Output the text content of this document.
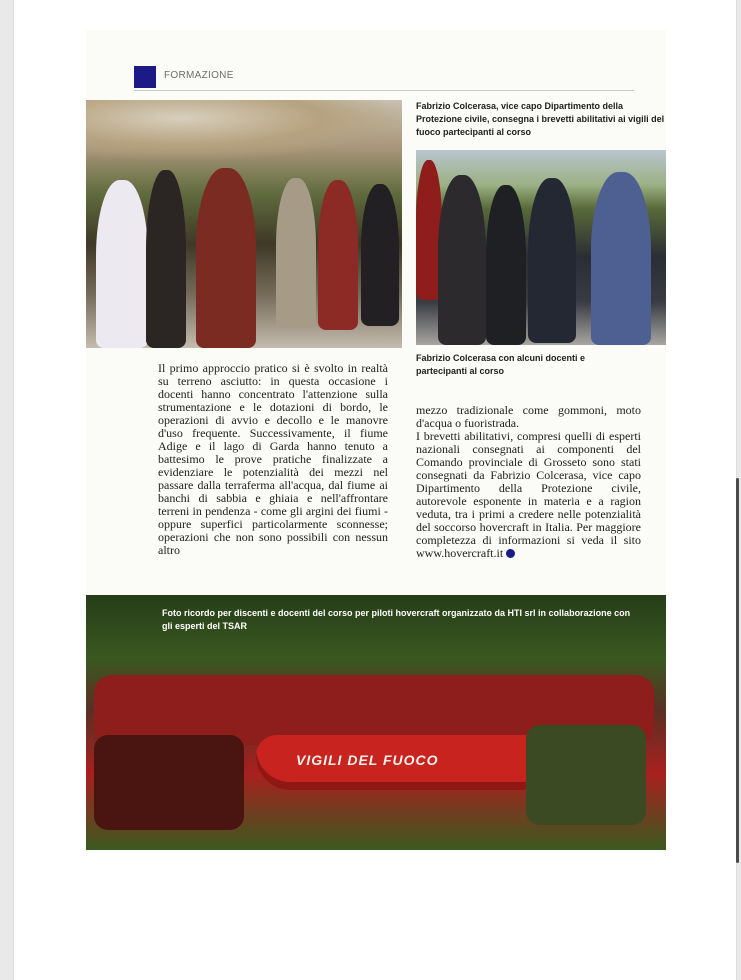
FORMAZIONE
Fabrizio Colcerasa, vice capo Dipartimento della Protezione civile, consegna i brevetti abilitativi ai vigili del fuoco partecipanti al corso
Fabrizio Colcerasa con alcuni docenti e partecipanti al corso

Il primo approccio pratico si è svolto in realtà su terreno asciutto: in questa occasione i docenti hanno concentrato l'attenzione sulla strumentazione e le dotazioni di bordo, le operazioni di avvio e decollo e le manovre d'uso frequente. Successivamente, il fiume Adige e il lago di Garda hanno tenuto a battesimo le prove pratiche finalizzate a evidenziare le potenzialità dei mezzi nel passare dalla terraferma all'acqua, dal fiume ai banchi di sabbia e ghiaia e nell'affrontare terreni in pendenza - come gli argini dei fiumi - oppure superfici particolarmente sconnesse; operazioni che non sono possibili con nessun altro

mezzo tradizionale come gommoni, moto d'acqua o fuoristrada.

I brevetti abilitativi, compresi quelli di esperti nazionali consegnati ai componenti del Comando provinciale di Grosseto sono stati consegnati da Fabrizio Colcerasa, vice capo Dipartimento della Protezione civile, autorevole esponente in materia e a ragion veduta, tra i primi a credere nelle potenzialità del soccorso hovercraft in Italia. Per maggiore completezza di informazioni si veda il sito www.hovercraft.it

Foto ricordo per discenti e docenti del corso per piloti hovercraft organizzato da HTI srl in collaborazione con gli esperti del TSAR
VIGILI DEL FUOCO
